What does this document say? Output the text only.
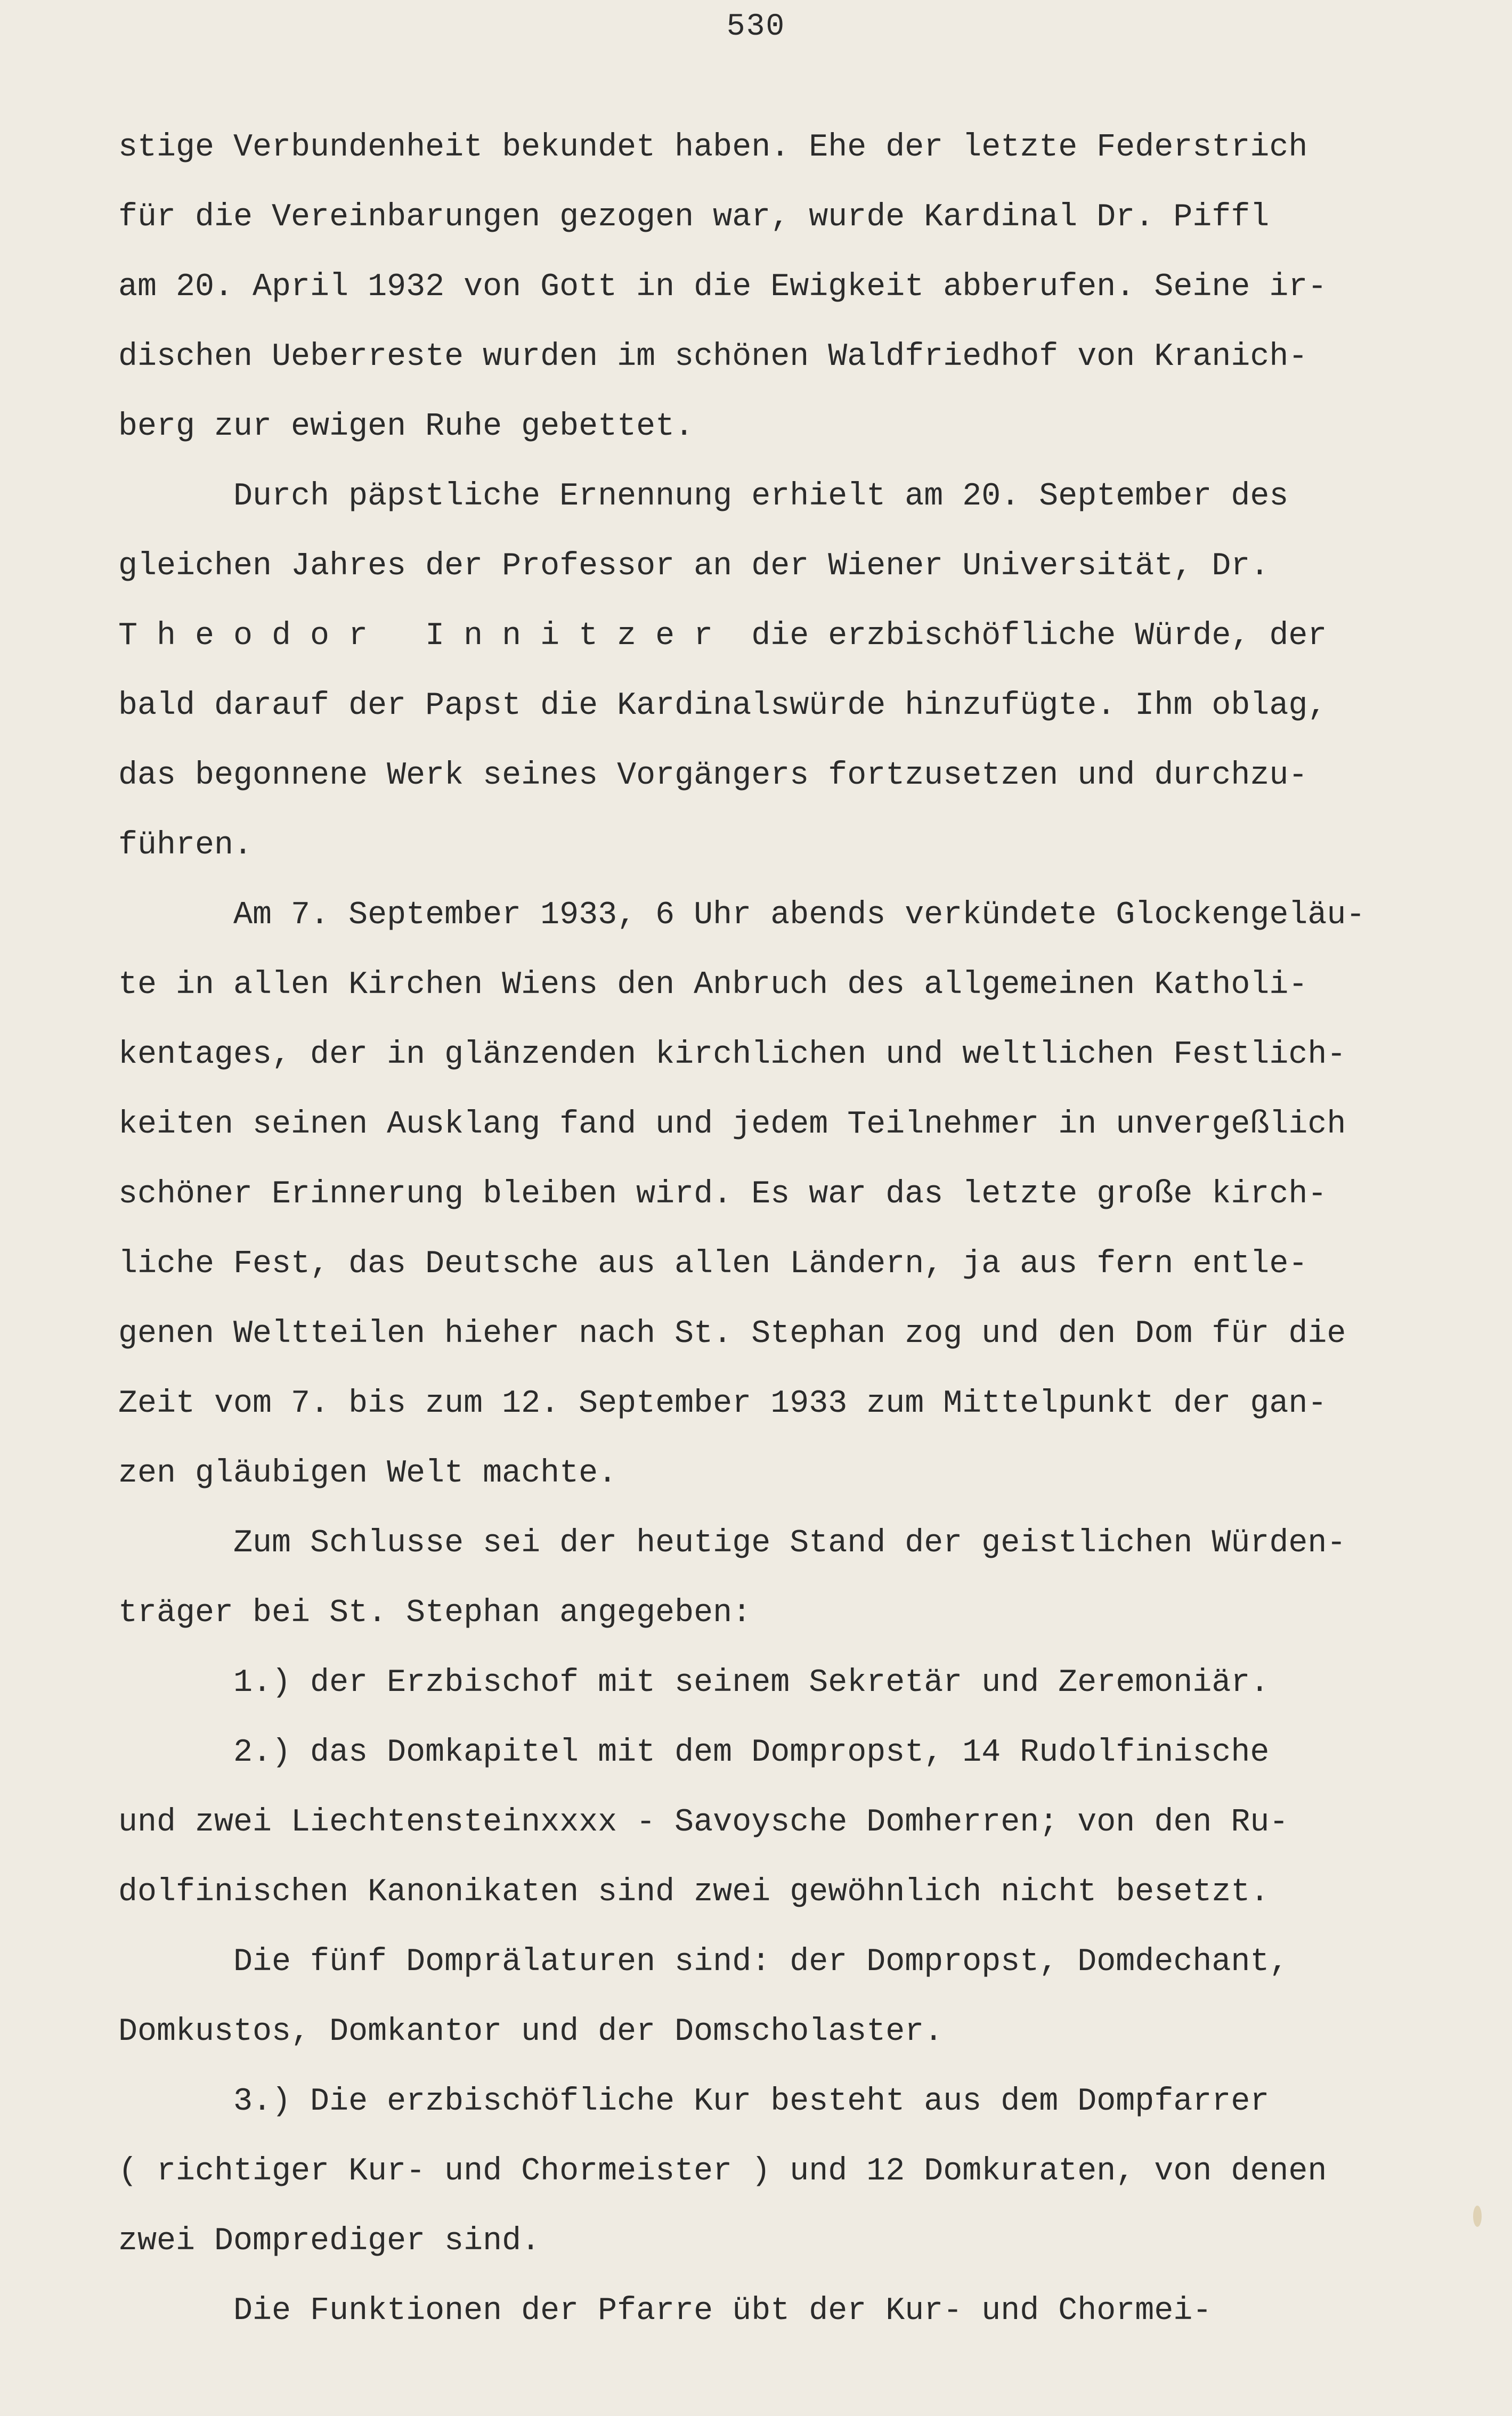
530
stige Verbundenheit bekundet haben. Ehe der letzte Federstrich
für die Vereinbarungen gezogen war, wurde Kardinal Dr. Piffl
am 20. April 1932 von Gott in die Ewigkeit abberufen. Seine ir-
dischen Ueberreste wurden im schönen Waldfriedhof von Kranich-
berg zur ewigen Ruhe gebettet.
Durch päpstliche Ernennung erhielt am 20. September des
gleichen Jahres der Professor an der Wiener Universität, Dr.
T h e o d o r   I n n i t z e r  die erzbischöfliche Würde, der
bald darauf der Papst die Kardinalswürde hinzufügte. Ihm oblag,
das begonnene Werk seines Vorgängers fortzusetzen und durchzu-
führen.
Am 7. September 1933, 6 Uhr abends verkündete Glockengeläu-
te in allen Kirchen Wiens den Anbruch des allgemeinen Katholi-
kentages, der in glänzenden kirchlichen und weltlichen Festlich-
keiten seinen Ausklang fand und jedem Teilnehmer in unvergeßlich
schöner Erinnerung bleiben wird. Es war das letzte große kirch-
liche Fest, das Deutsche aus allen Ländern, ja aus fern entle-
genen Weltteilen hieher nach St. Stephan zog und den Dom für die
Zeit vom 7. bis zum 12. September 1933 zum Mittelpunkt der gan-
zen gläubigen Welt machte.
Zum Schlusse sei der heutige Stand der geistlichen Würden-
träger bei St. Stephan angegeben:
1.) der Erzbischof mit seinem Sekretär und Zeremoniär.
2.) das Domkapitel mit dem Dompropst, 14 Rudolfinische
und zwei Liechtensteinxxxx - Savoysche Domherren; von den Ru-
dolfinischen Kanonikaten sind zwei gewöhnlich nicht besetzt.
Die fünf Domprälaturen sind: der Dompropst, Domdechant,
Domkustos, Domkantor und der Domscholaster.
3.) Die erzbischöfliche Kur besteht aus dem Dompfarrer
( richtiger Kur- und Chormeister ) und 12 Domkuraten, von denen
zwei Domprediger sind.
Die Funktionen der Pfarre übt der Kur- und Chormei-
